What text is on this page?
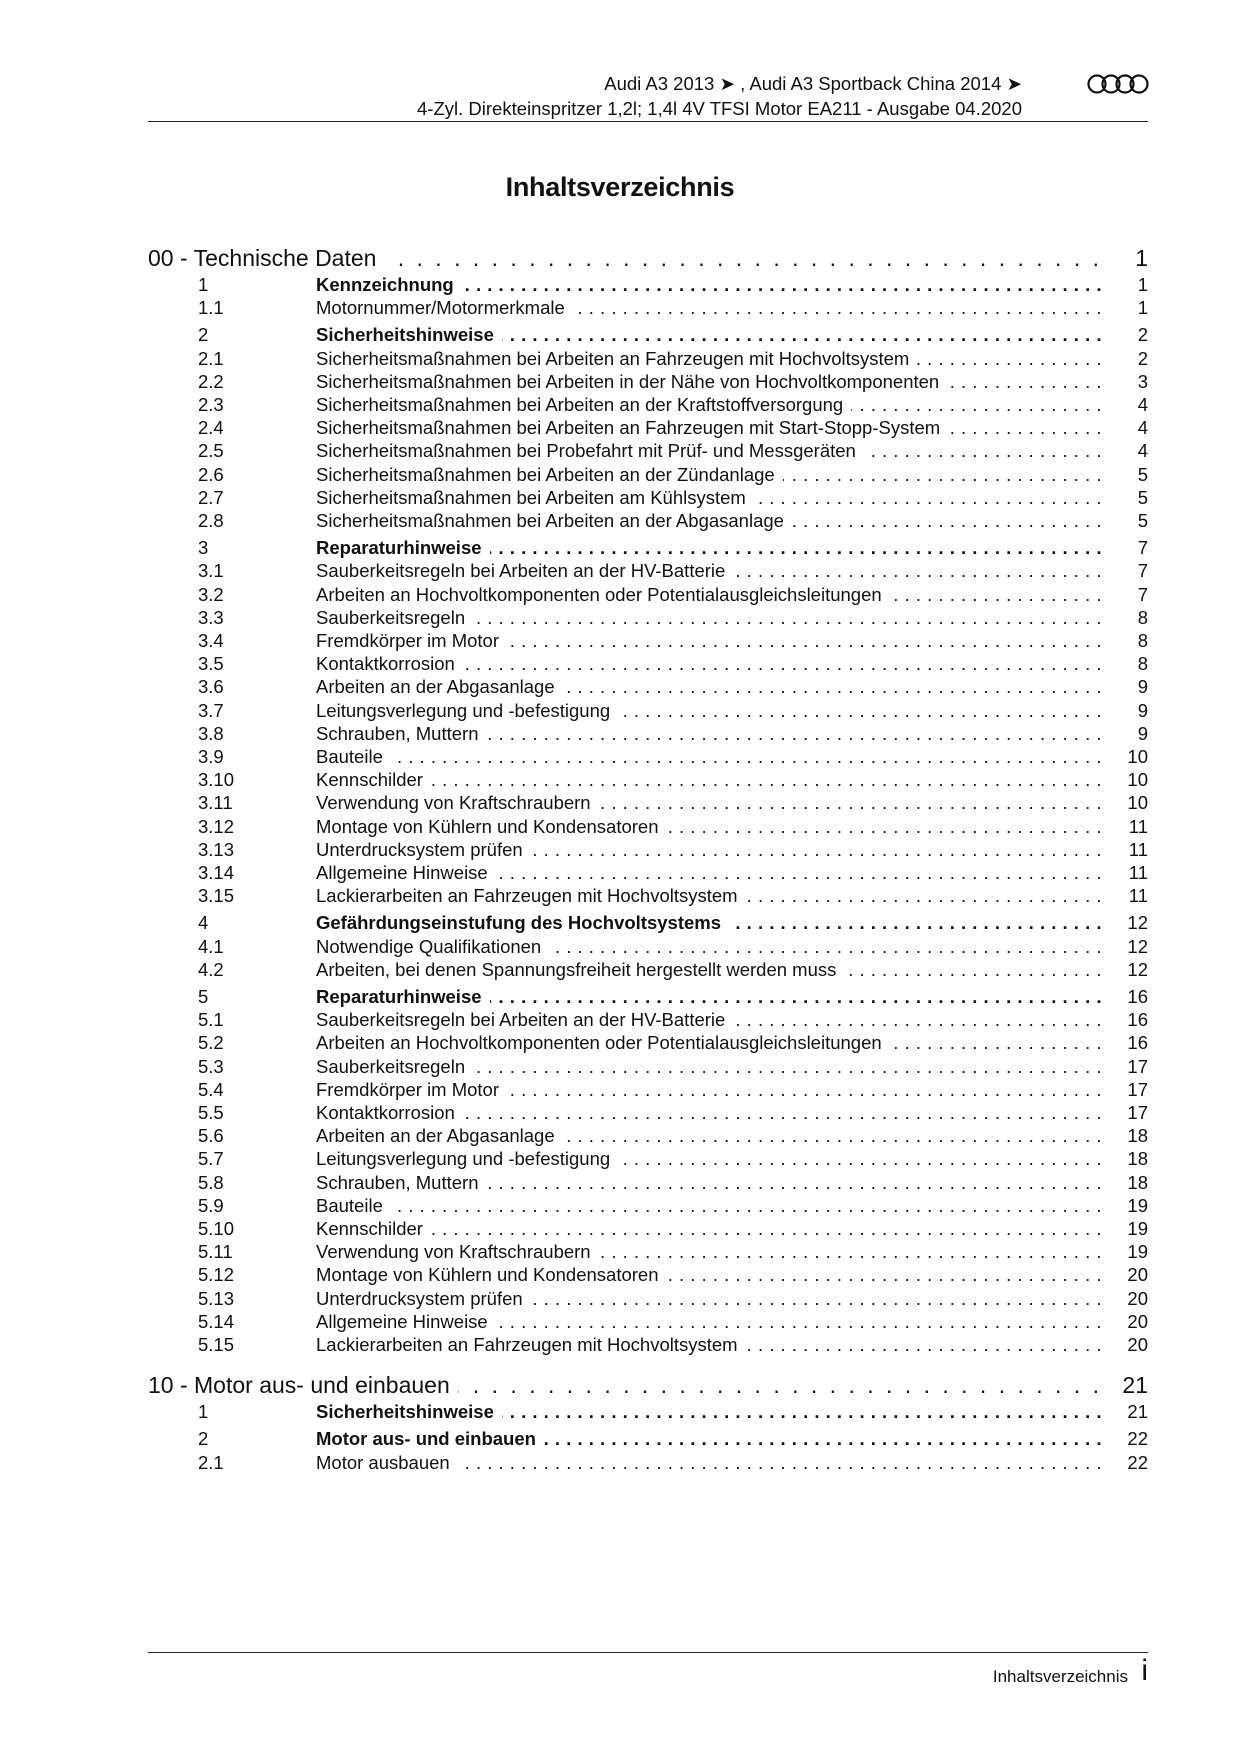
Audi A3 2013 ➤ , Audi A3 Sportback China 2014 ➤
4-Zyl. Direkteinspritzer 1,2l; 1,4l 4V TFSI Motor EA211 - Ausgabe 04.2020
Inhaltsverzeichnis
00 - Technische Daten . . .	1
1	Kennzeichnung . . .	1
1.1	Motornummer/Motormerkmale . . .	1
2	Sicherheitshinweise . . .	2
2.1	Sicherheitsmaßnahmen bei Arbeiten an Fahrzeugen mit Hochvoltsystem . . .	2
2.2	Sicherheitsmaßnahmen bei Arbeiten in der Nähe von Hochvoltkomponenten . . .	3
2.3	Sicherheitsmaßnahmen bei Arbeiten an der Kraftstoffversorgung . . .	4
2.4	Sicherheitsmaßnahmen bei Arbeiten an Fahrzeugen mit Start-Stopp-System . . .	4
2.5	Sicherheitsmaßnahmen bei Probefahrt mit Prüf- und Messgeräten . . .	4
2.6	Sicherheitsmaßnahmen bei Arbeiten an der Zündanlage . . .	5
2.7	Sicherheitsmaßnahmen bei Arbeiten am Kühlsystem . . .	5
2.8	Sicherheitsmaßnahmen bei Arbeiten an der Abgasanlage . . .	5
3	Reparaturhinweise . . .	7
3.1	Sauberkeitsregeln bei Arbeiten an der HV-Batterie . . .	7
3.2	Arbeiten an Hochvoltkomponenten oder Potentialausgleichsleitungen . . .	7
3.3	Sauberkeitsregeln . . .	8
3.4	Fremdkörper im Motor . . .	8
3.5	Kontaktkorrosion . . .	8
3.6	Arbeiten an der Abgasanlage . . .	9
3.7	Leitungsverlegung und -befestigung . . .	9
3.8	Schrauben, Muttern . . .	9
3.9	Bauteile . . .	10
3.10	Kennschilder . . .	10
3.11	Verwendung von Kraftschraubern . . .	10
3.12	Montage von Kühlern und Kondensatoren . . .	11
3.13	Unterdrucksystem prüfen . . .	11
3.14	Allgemeine Hinweise . . .	11
3.15	Lackierarbeiten an Fahrzeugen mit Hochvoltsystem . . .	11
4	Gefährdungseinstufung des Hochvoltsystems . . .	12
4.1	Notwendige Qualifikationen . . .	12
4.2	Arbeiten, bei denen Spannungsfreiheit hergestellt werden muss . . .	12
5	Reparaturhinweise . . .	16
5.1	Sauberkeitsregeln bei Arbeiten an der HV-Batterie . . .	16
5.2	Arbeiten an Hochvoltkomponenten oder Potentialausgleichsleitungen . . .	16
5.3	Sauberkeitsregeln . . .	17
5.4	Fremdkörper im Motor . . .	17
5.5	Kontaktkorrosion . . .	17
5.6	Arbeiten an der Abgasanlage . . .	18
5.7	Leitungsverlegung und -befestigung . . .	18
5.8	Schrauben, Muttern . . .	18
5.9	Bauteile . . .	19
5.10	Kennschilder . . .	19
5.11	Verwendung von Kraftschraubern . . .	19
5.12	Montage von Kühlern und Kondensatoren . . .	20
5.13	Unterdrucksystem prüfen . . .	20
5.14	Allgemeine Hinweise . . .	20
5.15	Lackierarbeiten an Fahrzeugen mit Hochvoltsystem . . .	20
10 - Motor aus- und einbauen . . .	21
1	Sicherheitshinweise . . .	21
2	Motor aus- und einbauen . . .	22
2.1	Motor ausbauen . . .	22
Inhaltsverzeichnis i
